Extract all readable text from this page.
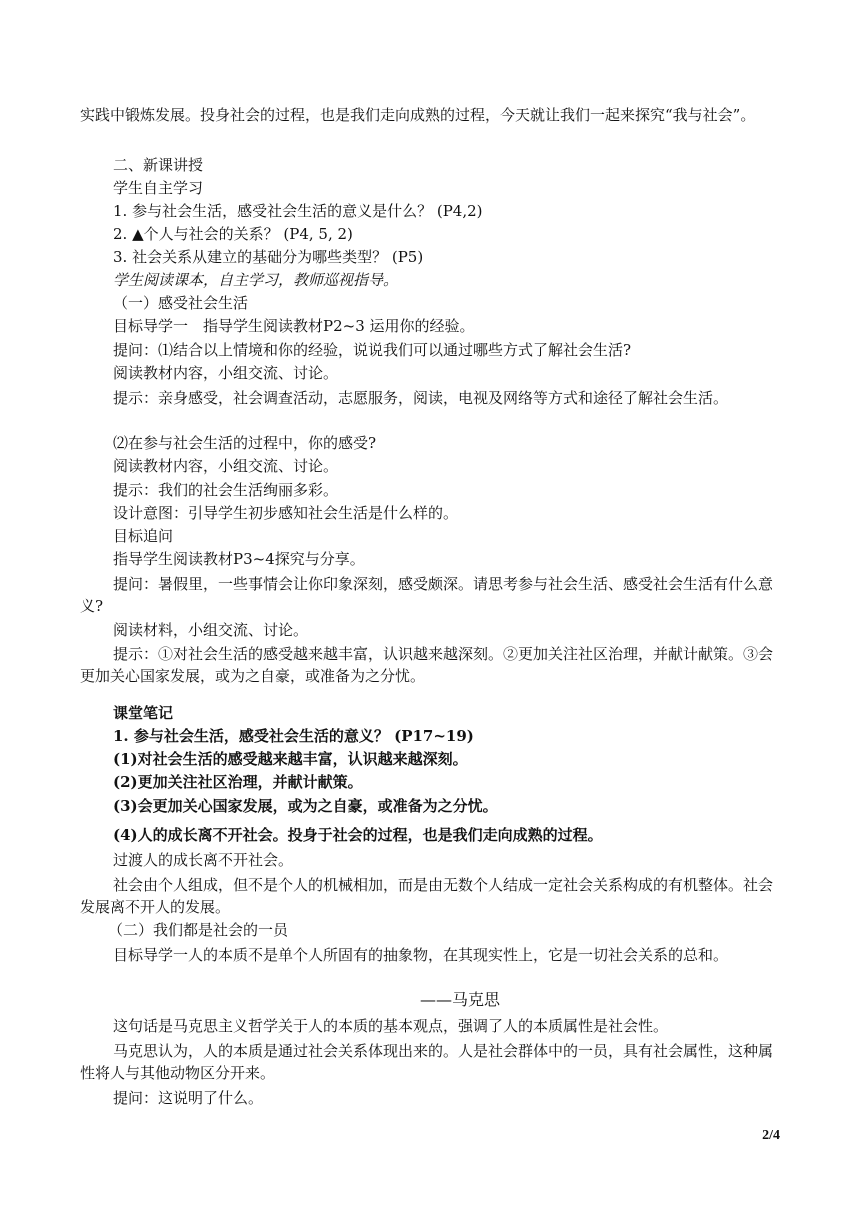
实践中锻炼发展。投身社会的过程，也是我们走向成熟的过程，今天就让我们一起来探究“我与社会”。
二、新课讲授
学生自主学习
1. 参与社会生活，感受社会生活的意义是什么？ (P4,2)
2. ▲个人与社会的关系？ (P4, 5, 2)
3. 社会关系从建立的基础分为哪些类型？ (P5)
学生阅读课本，自主学习，教师巡视指导。
（一）感受社会生活
目标导学一　指导学生阅读教材P2~3 运用你的经验。
提问：⑴结合以上情境和你的经验，说说我们可以通过哪些方式了解社会生活?
阅读教材内容，小组交流、讨论。
提示：亲身感受，社会调查活动，志愿服务，阅读，电视及网络等方式和途径了解社会生活。
⑵在参与社会生活的过程中，你的感受?
阅读教材内容，小组交流、讨论。
提示：我们的社会生活绚丽多彩。
设计意图：引导学生初步感知社会生活是什么样的。
目标追问
指导学生阅读教材P3~4探究与分享。
提问：暑假里，一些事情会让你印象深刻，感受颇深。请思考参与社会生活、感受社会生活有什么意义?
阅读材料，小组交流、讨论。
提示：①对社会生活的感受越来越丰富，认识越来越深刻。②更加关注社区治理，并献计献策。③会更加关心国家发展，或为之自豪，或准备为之分忧。
课堂笔记
1. 参与社会生活，感受社会生活的意义？ (P17~19)
(1)对社会生活的感受越来越丰富，认识越来越深刻。
(2)更加关注社区治理，并献计献策。
(3)会更加关心国家发展，或为之自豪，或准备为之分忧。
(4)人的成长离不开社会。投身于社会的过程，也是我们走向成熟的过程。
过渡人的成长离不开社会。
社会由个人组成，但不是个人的机械相加，而是由无数个人结成一定社会关系构成的有机整体。社会发展离不开人的发展。
（二）我们都是社会的一员
目标导学一人的本质不是单个人所固有的抽象物，在其现实性上，它是一切社会关系的总和。
——马克思
这句话是马克思主义哲学关于人的本质的基本观点，强调了人的本质属性是社会性。
马克思认为，人的本质是通过社会关系体现出来的。人是社会群体中的一员，具有社会属性，这种属性将人与其他动物区分开来。
提问：这说明了什么。
2/4
